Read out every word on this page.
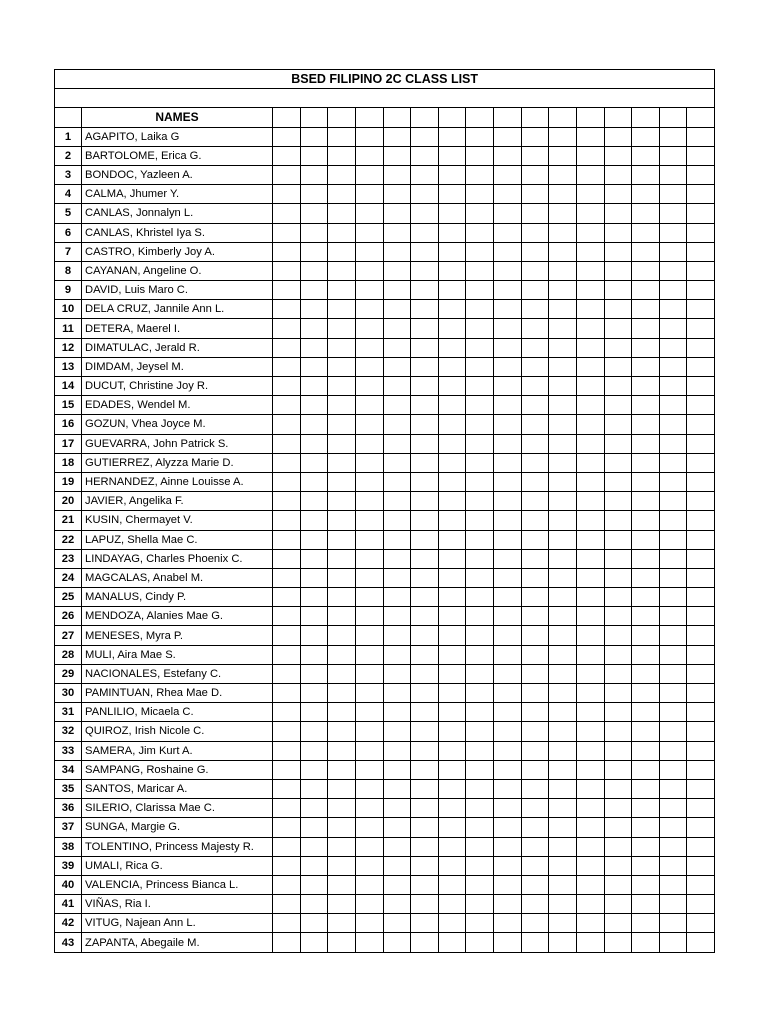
BSED FILIPINO 2C CLASS LIST																	

	NAMES																
1	AGAPITO, Laika G																
2	BARTOLOME, Erica G.																
3	BONDOC, Yazleen A.																
4	CALMA, Jhumer Y.																
5	CANLAS, Jonnalyn L.																
6	CANLAS, Khristel Iya S.																
7	CASTRO, Kimberly Joy A.																
8	CAYANAN, Angeline O.																
9	DAVID, Luis Maro C.																
10	DELA CRUZ, Jannile Ann L.																
11	DETERA, Maerel I.																
12	DIMATULAC, Jerald R.																
13	DIMDAM, Jeysel M.																
14	DUCUT, Christine Joy R.																
15	EDADES, Wendel M.																
16	GOZUN, Vhea Joyce M.																
17	GUEVARRA, John Patrick S.																
18	GUTIERREZ, Alyzza Marie D.																
19	HERNANDEZ, Ainne Louisse A.																
20	JAVIER, Angelika F.																
21	KUSIN, Chermayet V.																
22	LAPUZ, Shella Mae C.																
23	LINDAYAG, Charles Phoenix C.																
24	MAGCALAS, Anabel M.																
25	MANALUS, Cindy P.																
26	MENDOZA, Alanies Mae G.																
27	MENESES, Myra P.																
28	MULI, Aira Mae S.																
29	NACIONALES, Estefany C.																
30	PAMINTUAN, Rhea Mae D.																
31	PANLILIO, Micaela C.																
32	QUIROZ, Irish Nicole C.																
33	SAMERA, Jim Kurt A.																
34	SAMPANG, Roshaine G.																
35	SANTOS, Maricar A.																
36	SILERIO, Clarissa Mae C.																
37	SUNGA, Margie G.																
38	TOLENTINO, Princess Majesty R.																
39	UMALI, Rica G.																
40	VALENCIA, Princess Bianca L.																
41	VIÑAS, Ria I.																
42	VITUG, Najean Ann L.																
43	ZAPANTA, Abegaile M.																
